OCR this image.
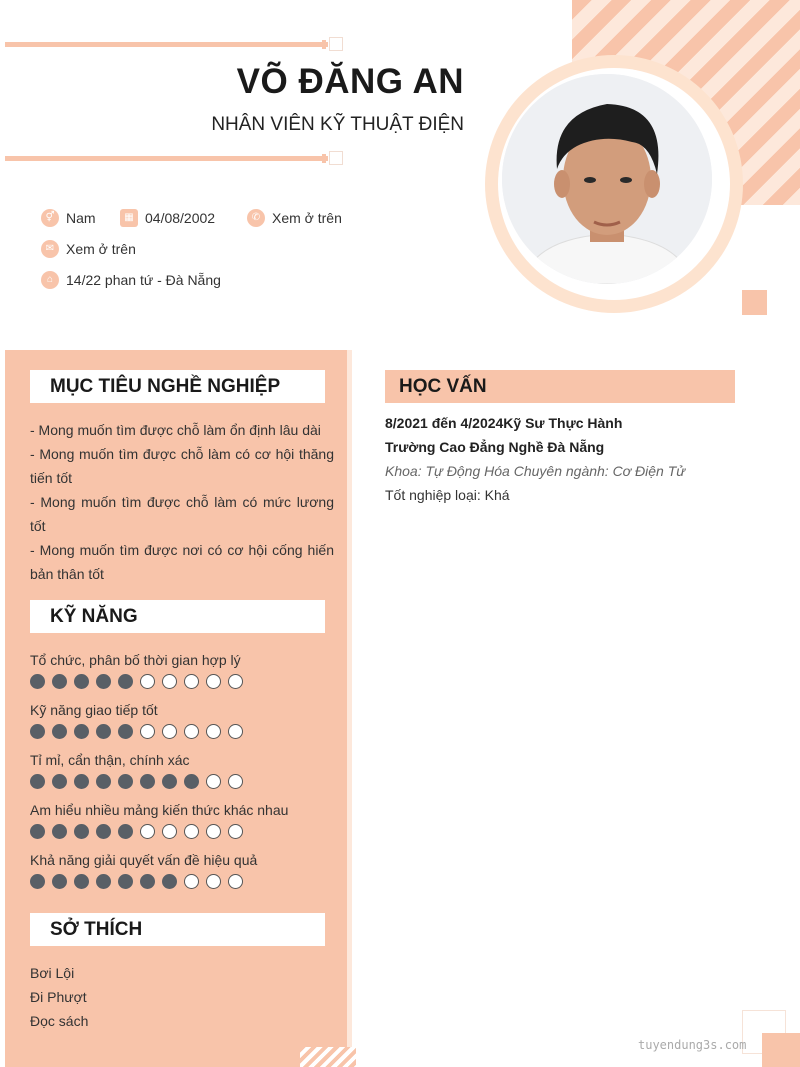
VÕ ĐĂNG AN
NHÂN VIÊN KỸ THUẬT ĐIỆN
⚥ Nam	▦ 04/08/2002	✆ Xem ở trên
✉ Xem ở trên
⌂ 14/22 phan tứ - Đà Nẵng
MỤC TIÊU NGHỀ NGHIỆP
- Mong muốn tìm được chỗ làm ổn định lâu dài
- Mong muốn tìm được chỗ làm có cơ hội thăng tiến tốt
- Mong muốn tìm được chỗ làm có mức lương tốt
- Mong muốn tìm được nơi có cơ hội cống hiến bản thân tốt
KỸ NĂNG
Tổ chức, phân bố thời gian hợp lý
Kỹ năng giao tiếp tốt
Tỉ mỉ, cẩn thận, chính xác
Am hiểu nhiều mảng kiến thức khác nhau
Khả năng giải quyết vấn đề hiệu quả
SỞ THÍCH
Bơi Lội
Đi Phượt
Đọc sách
HỌC VẤN
8/2021 đến 4/2024Kỹ Sư Thực Hành
Trường Cao Đẳng Nghề Đà Nẵng
Khoa: Tự Động Hóa Chuyên ngành: Cơ Điện Tử
Tốt nghiệp loại: Khá
tuyendung3s.com
